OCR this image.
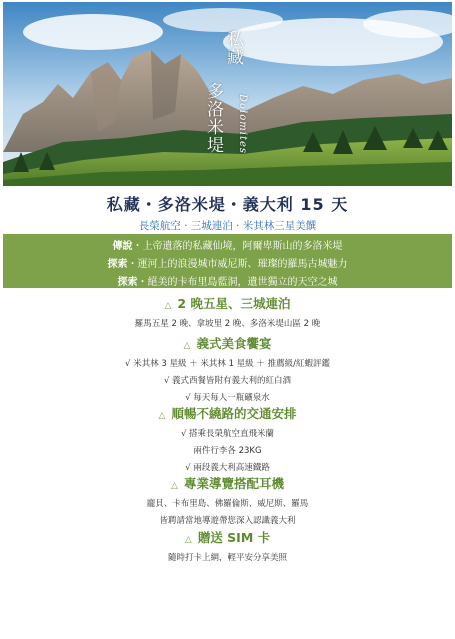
私藏
多洛米堤	Dolomites
私藏・多洛米堤・義大利 15 天
長榮航空 · 三城連泊 · 米其林三星美饌
傳說・上帝遺落的私藏仙境，阿爾卑斯山的多洛米堤
探索・運河上的浪漫城市威尼斯、璀璨的羅馬古城魅力
探索・絕美的卡布里島藍洞，遺世獨立的天空之城
△ 2 晚五星、三城連泊
羅馬五星 2 晚、拿坡里 2 晚、多洛米堤山區 2 晚
△ 義式美食饗宴
√ 米其林 3 星級 ＋ 米其林 1 星級 ＋ 推薦級/紅蝦評鑑
√ 義式西餐皆附有義大利的紅白酒
√ 每天每人一瓶礦泉水
△ 順暢不繞路的交通安排
√ 搭乘長榮航空直飛米蘭
兩件行李各 23KG
√ 兩段義大利高速鐵路
△ 專業導覽搭配耳機
龐貝、卡布里島、佛羅倫斯、威尼斯、羅馬
皆聘請當地導遊帶您深入認識義大利
△ 贈送 SIM 卡
隨時打卡上網，輕平安分享美照
